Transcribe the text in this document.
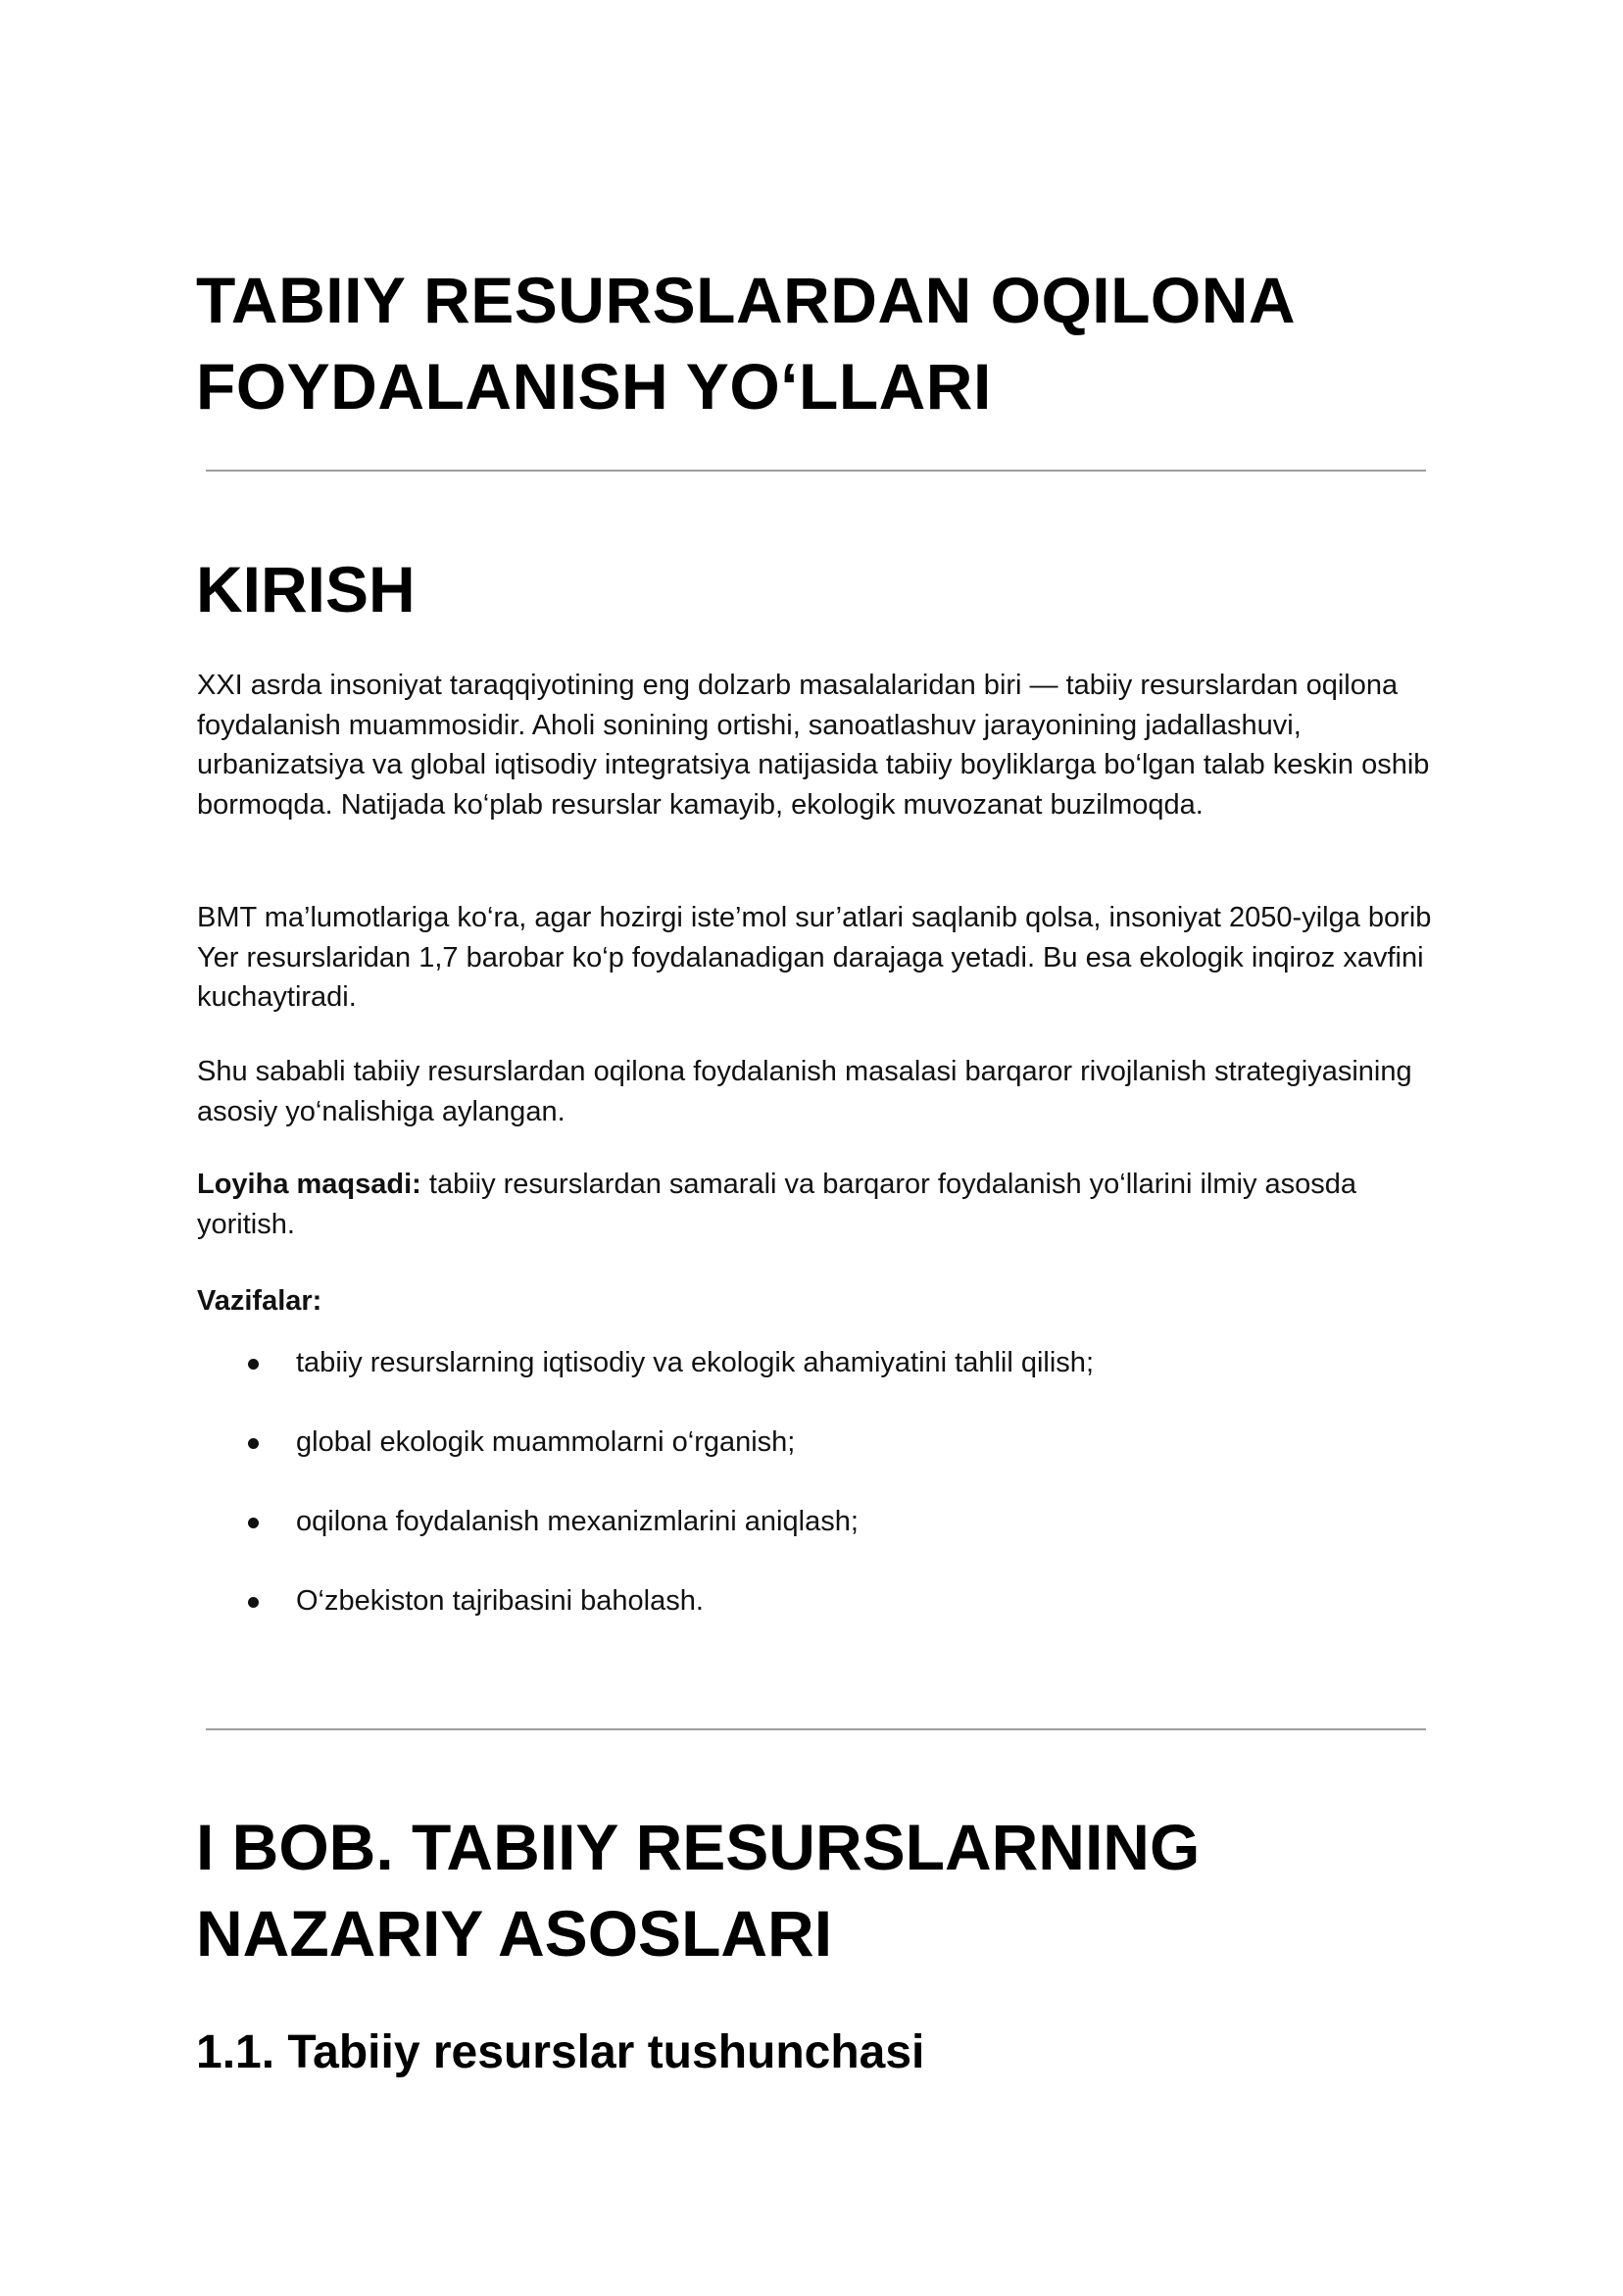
TABIIY RESURSLARDAN OQILONA
FOYDALANISH YO‘LLARI
KIRISH

XXI asrda insoniyat taraqqiyotining eng dolzarb masalalaridan biri — tabiiy resurslardan oqilona foydalanish muammosidir. Aholi sonining ortishi, sanoatlashuv jarayonining jadallashuvi, urbanizatsiya va global iqtisodiy integratsiya natijasida tabiiy boyliklarga bo‘lgan talab keskin oshib bormoqda. Natijada ko‘plab resurslar kamayib, ekologik muvozanat buzilmoqda.

BMT ma’lumotlariga ko‘ra, agar hozirgi iste’mol sur’atlari saqlanib qolsa, insoniyat 2050-yilga borib Yer resurslaridan 1,7 barobar ko‘p foydalanadigan darajaga yetadi. Bu esa ekologik inqiroz xavfini kuchaytiradi.

Shu sababli tabiiy resurslardan oqilona foydalanish masalasi barqaror rivojlanish strategiyasining asosiy yo‘nalishiga aylangan.

Loyiha maqsadi: tabiiy resurslardan samarali va barqaror foydalanish yo‘llarini ilmiy asosda yoritish.

Vazifalar:

tabiiy resurslarning iqtisodiy va ekologik ahamiyatini tahlil qilish;
global ekologik muammolarni o‘rganish;
oqilona foydalanish mexanizmlarini aniqlash;
O‘zbekiston tajribasini baholash.
I BOB. TABIIY RESURSLARNING
NAZARIY ASOSLARI
1.1. Tabiiy resurslar tushunchasi
